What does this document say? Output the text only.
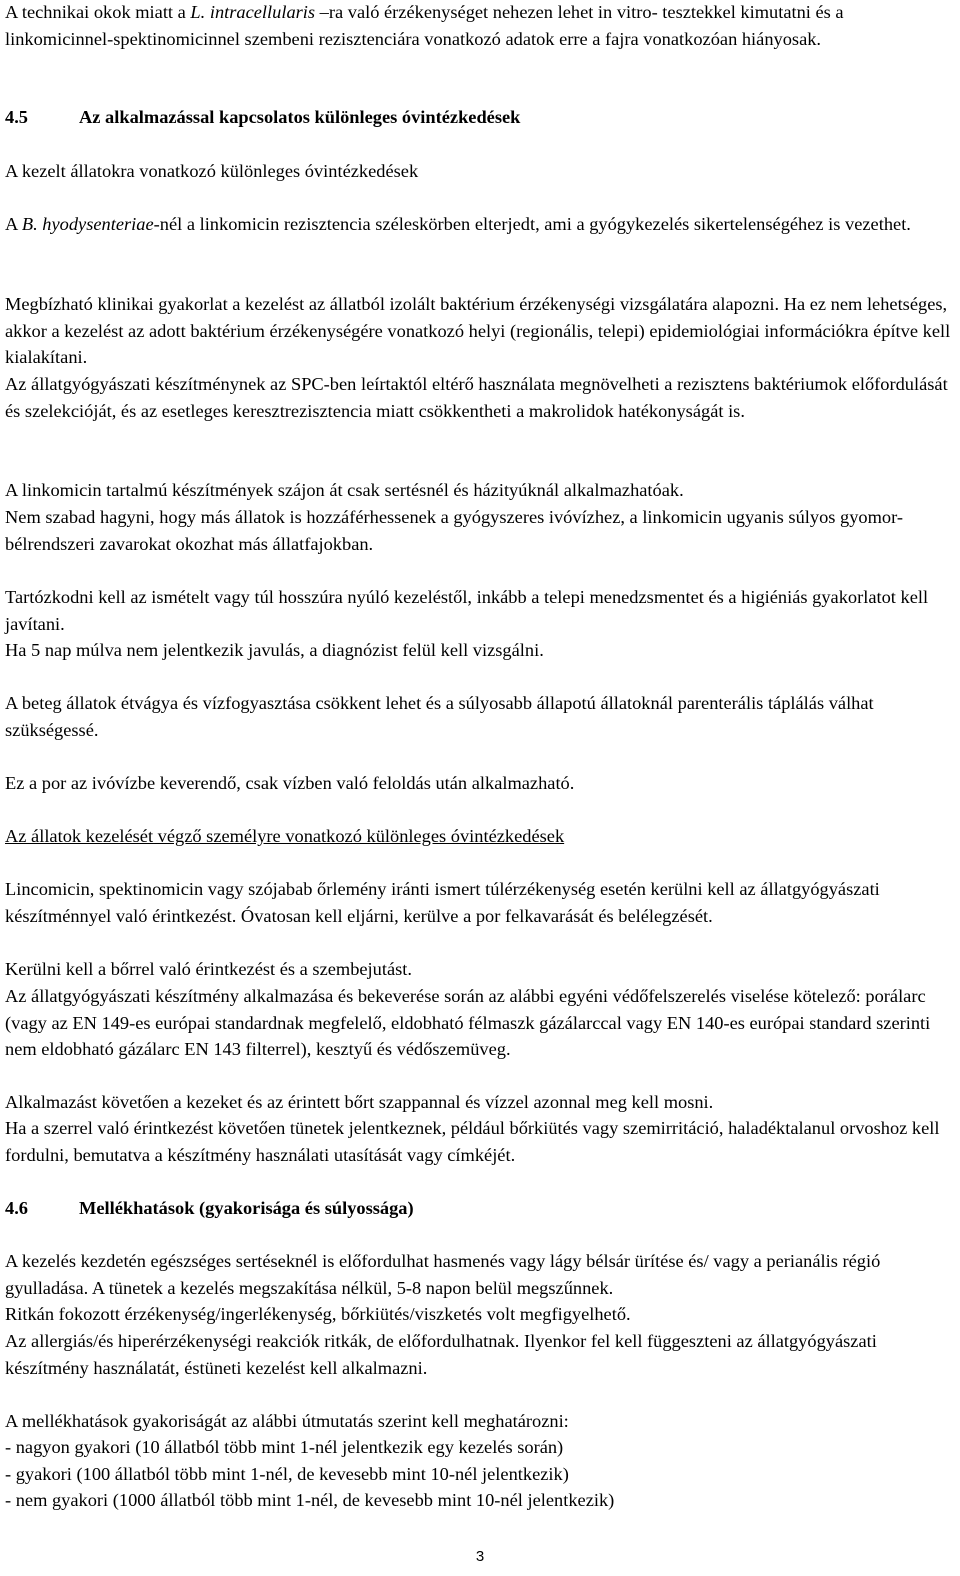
A technikai okok miatt a L. intracellularis –ra való érzékenységet nehezen lehet in vitro- tesztekkel kimutatni és a linkomicinnel-spektinomicinnel szembeni rezisztenciára vonatkozó adatok erre a fajra vonatkozóan hiányosak.

4.5	Az alkalmazással kapcsolatos különleges óvintézkedések

A kezelt állatokra vonatkozó különleges óvintézkedések

A B. hyodysenteriae-nél a linkomicin rezisztencia széleskörben elterjedt, ami a gyógykezelés sikertelenségéhez is vezethet.

Megbízható klinikai gyakorlat a kezelést az állatból izolált baktérium érzékenységi vizsgálatára alapozni. Ha ez nem lehetséges, akkor a kezelést az adott baktérium érzékenységére vonatkozó helyi (regionális, telepi) epidemiológiai információkra építve kell kialakítani.

Az állatgyógyászati készítménynek az SPC-ben leírtaktól eltérő használata megnövelheti a rezisztens baktériumok előfordulását és szelekcióját, és az esetleges keresztrezisztencia miatt csökkentheti a makrolidok hatékonyságát is.

A linkomicin tartalmú készítmények szájon át csak sertésnél és házityúknál alkalmazhatóak.

Nem szabad hagyni, hogy más állatok is hozzáférhessenek a gyógyszeres ivóvízhez, a linkomicin ugyanis súlyos gyomor-bélrendszeri zavarokat okozhat más állatfajokban.

Tartózkodni kell az ismételt vagy túl hosszúra nyúló kezeléstől, inkább a telepi menedzsmentet és a higiéniás gyakorlatot kell javítani.

Ha 5 nap múlva nem jelentkezik javulás, a diagnózist felül kell vizsgálni.

A beteg állatok étvágya és vízfogyasztása csökkent lehet és a súlyosabb állapotú állatoknál parenterális táplálás válhat szükségessé.

Ez a por az ivóvízbe keverendő, csak vízben való feloldás után alkalmazható.

Az állatok kezelését végző személyre vonatkozó különleges óvintézkedések

Lincomicin, spektinomicin vagy szójabab őrlemény iránti ismert túlérzékenység esetén kerülni kell az állatgyógyászati készítménnyel való érintkezést. Óvatosan kell eljárni, kerülve a por felkavarását és belélegzését.

Kerülni kell a bőrrel való érintkezést és a szembejutást.

Az állatgyógyászati készítmény alkalmazása és bekeverése során az alábbi egyéni védőfelszerelés viselése kötelező: porálarc (vagy az EN 149-es európai standardnak megfelelő, eldobható félmaszk gázálarccal vagy EN 140-es európai standard szerinti nem eldobható gázálarc EN 143 filterrel), kesztyű és védőszemüveg.

Alkalmazást követően a kezeket és az érintett bőrt szappannal és vízzel azonnal meg kell mosni.

Ha a szerrel való érintkezést követően tünetek jelentkeznek, például bőrkiütés vagy szemirritáció, haladéktalanul orvoshoz kell fordulni, bemutatva a készítmény használati utasítását vagy címkéjét.

4.6	Mellékhatások (gyakorisága és súlyossága)

A kezelés kezdetén egészséges sertéseknél is előfordulhat hasmenés vagy lágy bélsár ürítése és/ vagy a perianális régió gyulladása. A tünetek a kezelés megszakítása nélkül, 5-8 napon belül megszűnnek.

Ritkán fokozott érzékenység/ingerlékenység, bőrkiütés/viszketés volt megfigyelhető.

Az allergiás/és hiperérzékenységi reakciók ritkák, de előfordulhatnak. Ilyenkor fel kell függeszteni az állatgyógyászati készítmény használatát, éstüneti kezelést kell alkalmazni.

A mellékhatások gyakoriságát az alábbi útmutatás szerint kell meghatározni:

- nagyon gyakori (10 állatból több mint 1-nél jelentkezik egy kezelés során)
- gyakori (100 állatból több mint 1-nél, de kevesebb mint 10-nél jelentkezik)
- nem gyakori (1000 állatból több mint 1-nél, de kevesebb mint 10-nél jelentkezik)
3
